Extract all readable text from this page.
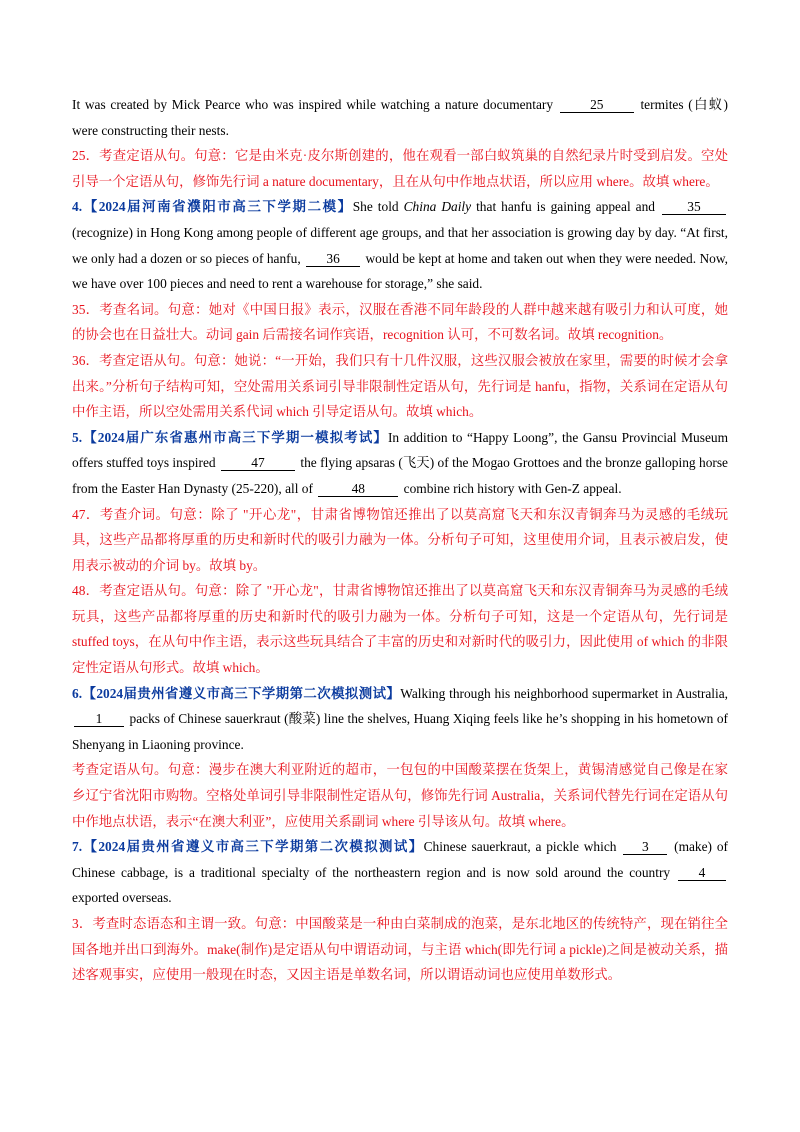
It was created by Mick Pearce who was inspired while watching a nature documentary 25 termites (白蚁) were constructing their nests.

25．考查定语从句。句意：它是由米克·皮尔斯创建的，他在观看一部白蚁筑巢的自然纪录片时受到启发。空处引导一个定语从句，修饰先行词 a nature documentary，且在从句中作地点状语，所以应用 where。故填 where。

4.【2024届河南省濮阳市高三下学期二模】She told China Daily that hanfu is gaining appeal and 35 (recognize) in Hong Kong among people of different age groups, and that her association is growing day by day. “At first, we only had a dozen or so pieces of hanfu, 36 would be kept at home and taken out when they were needed. Now, we have over 100 pieces and need to rent a warehouse for storage,” she said.

35．考查名词。句意：她对《中国日报》表示，汉服在香港不同年龄段的人群中越来越有吸引力和认可度，她的协会也在日益壮大。动词 gain 后需接名词作宾语，recognition 认可，不可数名词。故填 recognition。

36．考查定语从句。句意：她说：“一开始，我们只有十几件汉服，这些汉服会被放在家里，需要的时候才会拿出来。”分析句子结构可知，空处需用关系词引导非限制性定语从句，先行词是 hanfu，指物，关系词在定语从句中作主语，所以空处需用关系代词 which 引导定语从句。故填 which。

5.【2024届广东省惠州市高三下学期一模拟考试】In addition to “Happy Loong”, the Gansu Provincial Museum offers stuffed toys inspired 47 the flying apsaras (飞天) of the Mogao Grottoes and the bronze galloping horse from the Easter Han Dynasty (25-220), all of	48	combine rich history with Gen-Z appeal.

47．考查介词。句意：除了 "开心龙"，甘肃省博物馆还推出了以莫高窟飞天和东汉青铜奔马为灵感的毛绒玩具，这些产品都将厚重的历史和新时代的吸引力融为一体。分析句子可知，这里使用介词，且表示被启发，使用表示被动的介词 by。故填 by。

48．考查定语从句。句意：除了 "开心龙"，甘肃省博物馆还推出了以莫高窟飞天和东汉青铜奔马为灵感的毛绒玩具，这些产品都将厚重的历史和新时代的吸引力融为一体。分析句子可知，这是一个定语从句，先行词是 stuffed toys，在从句中作主语，表示这些玩具结合了丰富的历史和对新时代的吸引力，因此使用 of which 的非限定性定语从句形式。故填 which。

6.【2024届贵州省遵义市高三下学期第二次模拟测试】Walking through his neighborhood supermarket in Australia, 1 packs of Chinese sauerkraut (酸菜) line the shelves, Huang Xiqing feels like he’s shopping in his hometown of Shenyang in Liaoning province.

考查定语从句。句意：漫步在澳大利亚附近的超市，一包包的中国酸菜摆在货架上，黄锡清感觉自己像是在家乡辽宁省沈阳市购物。空格处单词引导非限制性定语从句，修饰先行词 Australia，关系词代替先行词在定语从句中作地点状语，表示“在澳大利亚”，应使用关系副词 where 引导该从句。故填 where。

7.【2024届贵州省遵义市高三下学期第二次模拟测试】Chinese sauerkraut, a pickle which 3 (make) of Chinese cabbage, is a traditional specialty of the northeastern region and is now sold around the country 4 exported overseas.

3．考查时态语态和主谓一致。句意：中国酸菜是一种由白菜制成的泡菜，是东北地区的传统特产，现在销往全国各地并出口到海外。make(制作)是定语从句中谓语动词，与主语 which(即先行词 a pickle)之间是被动关系，描述客观事实，应使用一般现在时态，又因主语是单数名词，所以谓语动词也应使用单数形式。
